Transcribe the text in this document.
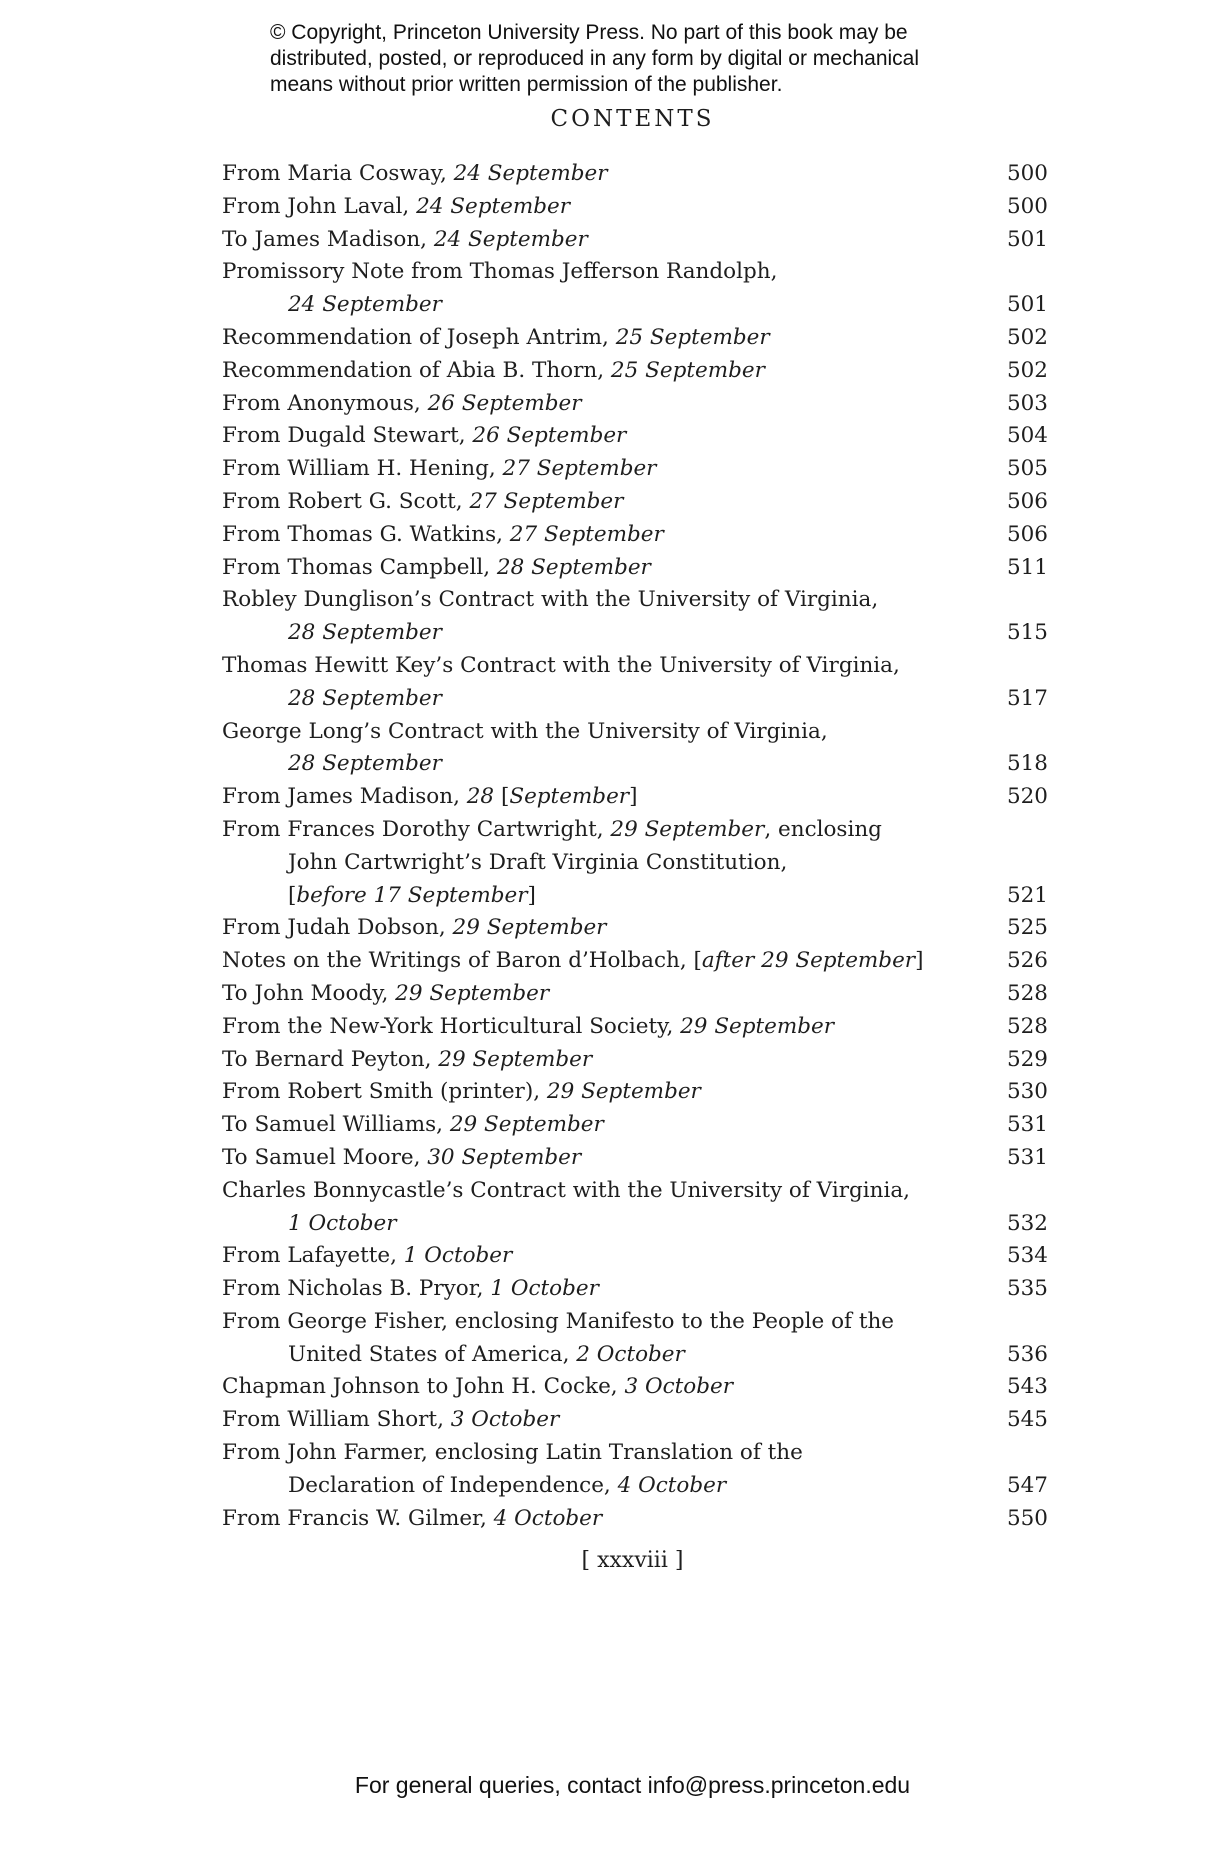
© Copyright, Princeton University Press. No part of this book may be
distributed, posted, or reproduced in any form by digital or mechanical
means without prior written permission of the publisher.
CONTENTS
From Maria Cosway, 24 September	500
From John Laval, 24 September	500
To James Madison, 24 September	501
Promissory Note from Thomas Jefferson Randolph,
24 September	501
Recommendation of Joseph Antrim, 25 September	502
Recommendation of Abia B. Thorn, 25 September	502
From Anonymous, 26 September	503
From Dugald Stewart, 26 September	504
From William H. Hening, 27 September	505
From Robert G. Scott, 27 September	506
From Thomas G. Watkins, 27 September	506
From Thomas Campbell, 28 September	511
Robley Dunglison’s Contract with the University of Virginia,
28 September	515
Thomas Hewitt Key’s Contract with the University of Virginia,
28 September	517
George Long’s Contract with the University of Virginia,
28 September	518
From James Madison, 28 [September]	520
From Frances Dorothy Cartwright, 29 September, enclosing
John Cartwright’s Draft Virginia Constitution,
[before 17 September]	521
From Judah Dobson, 29 September	525
Notes on the Writings of Baron d’Holbach, [after 29 September]	526
To John Moody, 29 September	528
From the New-York Horticultural Society, 29 September	528
To Bernard Peyton, 29 September	529
From Robert Smith (printer), 29 September	530
To Samuel Williams, 29 September	531
To Samuel Moore, 30 September	531
Charles Bonnycastle’s Contract with the University of Virginia,
1 October	532
From Lafayette, 1 October	534
From Nicholas B. Pryor, 1 October	535
From George Fisher, enclosing Manifesto to the People of the
United States of America, 2 October	536
Chapman Johnson to John H. Cocke, 3 October	543
From William Short, 3 October	545
From John Farmer, enclosing Latin Translation of the
Declaration of Independence, 4 October	547
From Francis W. Gilmer, 4 October	550
[ xxxviii ]
For general queries, contact info@press.princeton.edu
